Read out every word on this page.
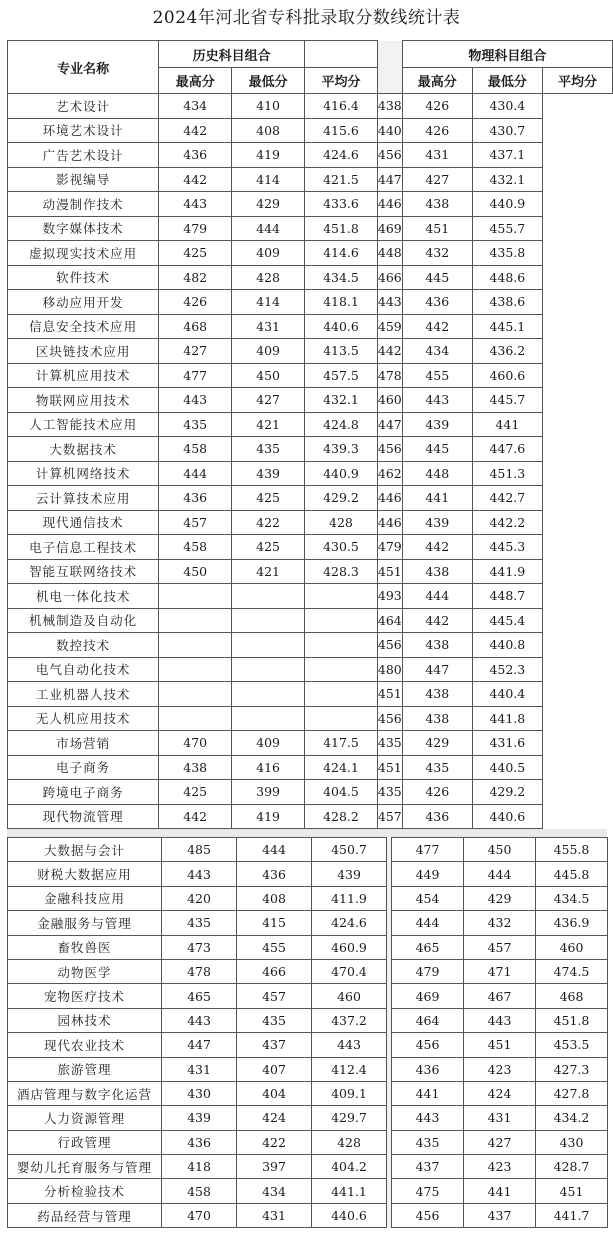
2024年河北省专科批录取分数线统计表
专业名称	历史科目组合				物理科目组合		
	最高分	最低分	平均分		最高分	最低分	平均分
艺术设计	434	410	416.4	438	426	430.4	
环境艺术设计	442	408	415.6	440	426	430.7	
广告艺术设计	436	419	424.6	456	431	437.1	
影视编导	442	414	421.5	447	427	432.1	
动漫制作技术	443	429	433.6	446	438	440.9	
数字媒体技术	479	444	451.8	469	451	455.7	
虚拟现实技术应用	425	409	414.6	448	432	435.8	
软件技术	482	428	434.5	466	445	448.6	
移动应用开发	426	414	418.1	443	436	438.6	
信息安全技术应用	468	431	440.6	459	442	445.1	
区块链技术应用	427	409	413.5	442	434	436.2	
计算机应用技术	477	450	457.5	478	455	460.6	
物联网应用技术	443	427	432.1	460	443	445.7	
人工智能技术应用	435	421	424.8	447	439	441	
大数据技术	458	435	439.3	456	445	447.6	
计算机网络技术	444	439	440.9	462	448	451.3	
云计算技术应用	436	425	429.2	446	441	442.7	
现代通信技术	457	422	428	446	439	442.2	
电子信息工程技术	458	425	430.5	479	442	445.3	
智能互联网络技术	450	421	428.3	451	438	441.9	
机电一体化技术				493	444	448.7	
机械制造及自动化				464	442	445.4	
数控技术				456	438	440.8	
电气自动化技术				480	447	452.3	
工业机器人技术				451	438	440.4	
无人机应用技术				456	438	441.8	
市场营销	470	409	417.5	435	429	431.6	
电子商务	438	416	424.1	451	435	440.5	
跨境电子商务	425	399	404.5	435	426	429.2	
现代物流管理	442	419	428.2	457	436	440.6	
大数据与会计	485	444	450.7		477	450	455.8
财税大数据应用	443	436	439		449	444	445.8
金融科技应用	420	408	411.9		454	429	434.5
金融服务与管理	435	415	424.6		444	432	436.9
畜牧兽医	473	455	460.9		465	457	460
动物医学	478	466	470.4		479	471	474.5
宠物医疗技术	465	457	460		469	467	468
园林技术	443	435	437.2		464	443	451.8
现代农业技术	447	437	443		456	451	453.5
旅游管理	431	407	412.4		436	423	427.3
酒店管理与数字化运营	430	404	409.1		441	424	427.8
人力资源管理	439	424	429.7		443	431	434.2
行政管理	436	422	428		435	427	430
婴幼儿托育服务与管理	418	397	404.2		437	423	428.7
分析检验技术	458	434	441.1		475	441	451
药品经营与管理	470	431	440.6		456	437	441.7
